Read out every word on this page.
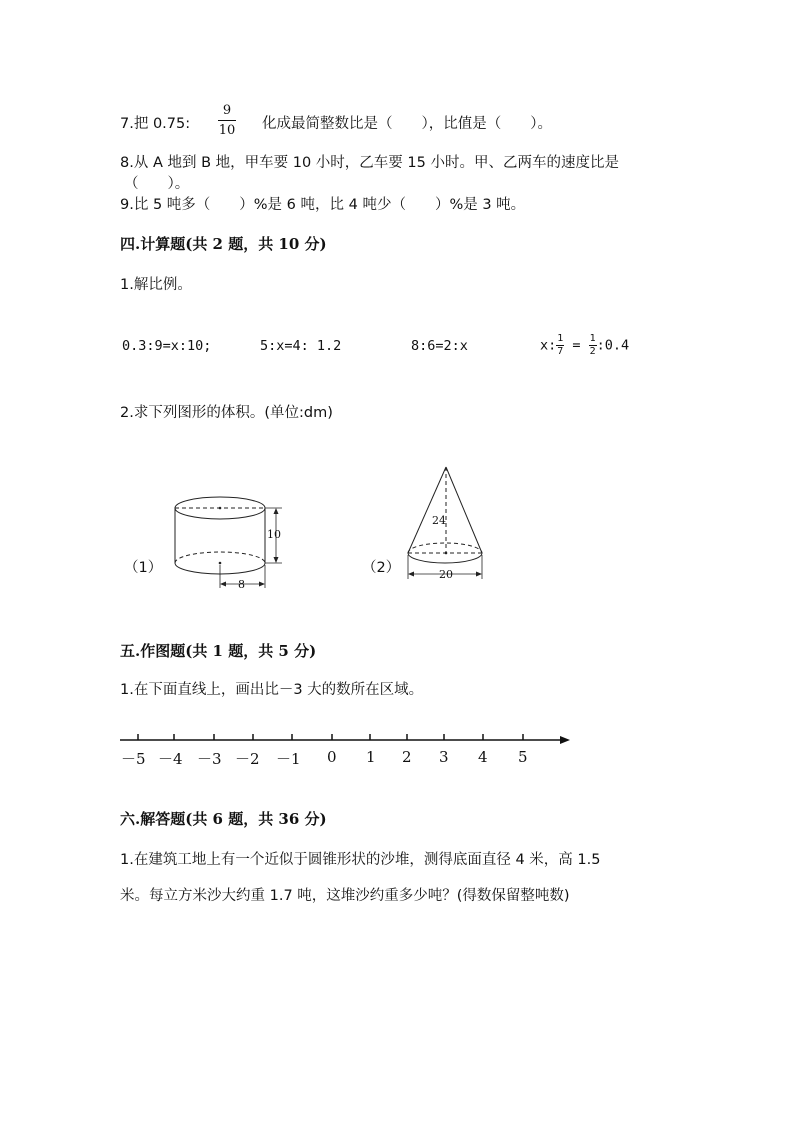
7.把 0.75:
9
10 化成最简整数比是（　　），比值是（　　）。
8.从 A 地到 B 地，甲车要 10 小时，乙车要 15 小时。甲、乙两车的速度比是
（　　）。
9.比 5 吨多（　　）%是 6 吨，比 4 吨少（　　）%是 3 吨。
四.计算题(共 2 题，共 10 分)
1.解比例。
0.3:9=x:10;	5:x=4: 1.2	8:6=2:x	x: $\frac{1}{7} = \frac{1}{2}$ :0.4
2.求下列图形的体积。(单位:dm)
（1）
10
8
（2）
24
20
五.作图题(共 1 题，共 5 分)
1.在下面直线上，画出比－3 大的数所在区域。
－5 －4 －3 －2 －1 0 1 2 3 4 5
六.解答题(共 6 题，共 36 分)
1.在建筑工地上有一个近似于圆锥形状的沙堆，测得底面直径 4 米，高 1.5
米。每立方米沙大约重 1.7 吨，这堆沙约重多少吨？(得数保留整吨数)
